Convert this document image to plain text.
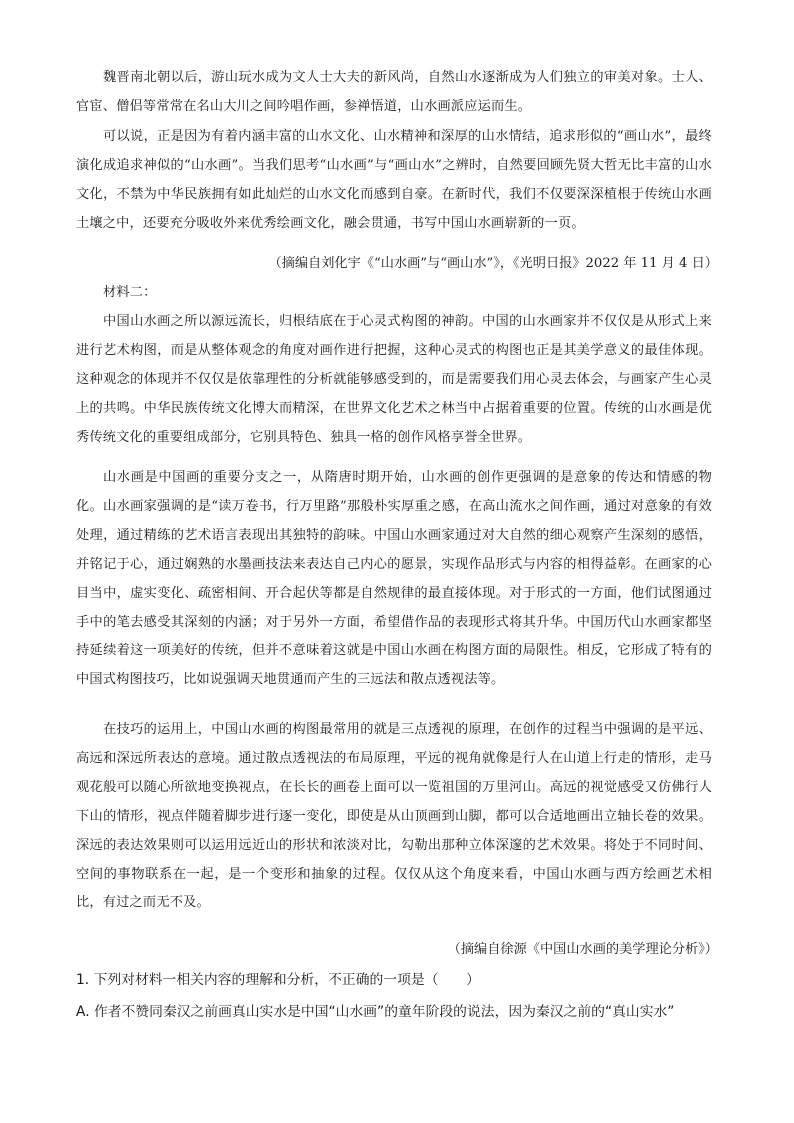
魏晋南北朝以后，游山玩水成为文人士大夫的新风尚，自然山水逐渐成为人们独立的审美对象。士人、官宦、僧侣等常常在名山大川之间吟唱作画，参禅悟道，山水画派应运而生。

可以说，正是因为有着内涵丰富的山水文化、山水精神和深厚的山水情结，追求形似的“画山水”，最终演化成追求神似的“山水画”。当我们思考“山水画”与“画山水”之辨时，自然要回顾先贤大哲无比丰富的山水文化，不禁为中华民族拥有如此灿烂的山水文化而感到自豪。在新时代，我们不仅要深深植根于传统山水画土壤之中，还要充分吸收外来优秀绘画文化，融会贯通，书写中国山水画崭新的一页。

（摘编自刘化宇《“山水画”与“画山水”》，《光明日报》2022 年 11 月 4 日）

材料二：

中国山水画之所以源远流长，归根结底在于心灵式构图的神韵。中国的山水画家并不仅仅是从形式上来进行艺术构图，而是从整体观念的角度对画作进行把握，这种心灵式的构图也正是其美学意义的最佳体现。这种观念的体现并不仅仅是依靠理性的分析就能够感受到的，而是需要我们用心灵去体会，与画家产生心灵上的共鸣。中华民族传统文化博大而精深，在世界文化艺术之林当中占据着重要的位置。传统的山水画是优秀传统文化的重要组成部分，它别具特色、独具一格的创作风格享誉全世界。

山水画是中国画的重要分支之一，从隋唐时期开始，山水画的创作更强调的是意象的传达和情感的物化。山水画家强调的是“读万卷书，行万里路”那般朴实厚重之感，在高山流水之间作画，通过对意象的有效处理，通过精练的艺术语言表现出其独特的韵味。中国山水画家通过对大自然的细心观察产生深刻的感悟，并铭记于心，通过娴熟的水墨画技法来表达自己内心的愿景，实现作品形式与内容的相得益彰。在画家的心目当中，虚实变化、疏密相间、开合起伏等都是自然规律的最直接体现。对于形式的一方面，他们试图通过手中的笔去感受其深刻的内涵；对于另外一方面，希望借作品的表现形式将其升华。中国历代山水画家都坚持延续着这一项美好的传统，但并不意味着这就是中国山水画在构图方面的局限性。相反，它形成了特有的中国式构图技巧，比如说强调天地贯通而产生的三远法和散点透视法等。

在技巧的运用上，中国山水画的构图最常用的就是三点透视的原理，在创作的过程当中强调的是平远、高远和深远所表达的意境。通过散点透视法的布局原理，平远的视角就像是行人在山道上行走的情形，走马观花般可以随心所欲地变换视点，在长长的画卷上面可以一览祖国的万里河山。高远的视觉感受又仿佛行人下山的情形，视点伴随着脚步进行逐一变化，即使是从山顶画到山脚，都可以合适地画出立轴长卷的效果。深远的表达效果则可以运用远近山的形状和浓淡对比，勾勒出那种立体深邃的艺术效果。将处于不同时间、空间的事物联系在一起，是一个变形和抽象的过程。仅仅从这个角度来看，中国山水画与西方绘画艺术相比，有过之而无不及。

（摘编自徐源《中国山水画的美学理论分析》）

1. 下列对材料一相关内容的理解和分析，不正确的一项是（　　）

A. 作者不赞同秦汉之前画真山实水是中国“山水画”的童年阶段的说法，因为秦汉之前的“真山实水”
